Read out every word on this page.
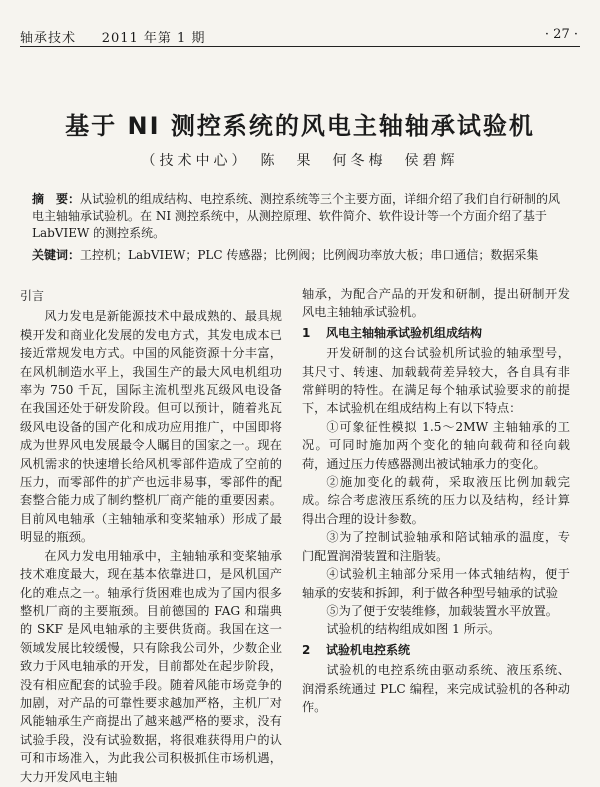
轴承技术 2011 年第 1 期	· 27 ·
基于 NI 测控系统的风电主轴轴承试验机
（技术中心）　陈　果　何冬梅　侯碧辉
摘　要：从试验机的组成结构、电控系统、测控系统等三个主要方面，详细介绍了我们自行研制的风电主轴轴承试验机。在 NI 测控系统中，从测控原理、软件简介、软件设计等一个方面介绍了基于 LabVIEW 的测控系统。
关键词：工控机；LabVIEW；PLC 传感器；比例阀；比例阀功率放大板；串口通信；数据采集
引言

风力发电是新能源技术中最成熟的、最具规模开发和商业化发展的发电方式，其发电成本已接近常规发电方式。中国的风能资源十分丰富，在风机制造水平上，我国生产的最大风电机组功率为 750 千瓦，国际主流机型兆瓦级风电设备在我国还处于研发阶段。但可以预计，随着兆瓦级风电设备的国产化和成功应用推广，中国即将成为世界风电发展最令人瞩目的国家之一。现在风机需求的快速增长给风机零部件造成了空前的压力，而零部件的扩产也远非易事，零部件的配套整合能力成了制约整机厂商产能的重要因素。目前风电轴承（主轴轴承和变桨轴承）形成了最明显的瓶颈。

在风力发电用轴承中，主轴轴承和变桨轴承技术难度最大，现在基本依靠进口，是风机国产化的难点之一。轴承行货困难也成为了国内很多整机厂商的主要瓶颈。目前德国的 FAG 和瑞典的 SKF 是风电轴承的主要供货商。我国在这一领域发展比较缓慢，只有除我公司外，少数企业致力于风电轴承的开发，目前都处在起步阶段，没有相应配套的试验手段。随着风能市场竞争的加剧，对产品的可靠性要求越加严格，主机厂对风能轴承生产商提出了越来越严格的要求，没有试验手段，没有试验数据，将很难获得用户的认可和市场准入，为此我公司积极抓住市场机遇，大力开发风电主轴

轴承，为配合产品的开发和研制，提出研制开发风电主轴轴承试验机。

1 风电主轴轴承试验机组成结构

开发研制的这台试验机所试验的轴承型号，其尺寸、转速、加载载荷差异较大，各自具有非常鲜明的特性。在满足每个轴承试验要求的前提下，本试验机在组成结构上有以下特点：

①可象征性模拟 1.5～2MW 主轴轴承的工况。可同时施加两个变化的轴向载荷和径向载荷，通过压力传感器测出被试轴承力的变化。

②施加变化的载荷，采取液压比例加载完成。综合考虑液压系统的压力以及结构，经计算得出合理的设计参数。

③为了控制试验轴承和陪试轴承的温度，专门配置润滑装置和注脂装。

④试验机主轴部分采用一体式轴结构，便于轴承的安装和拆卸，利于做各种型号轴承的试验

⑤为了便于安装维修，加载装置水平放置。

试验机的结构组成如图 1 所示。

2 试验机电控系统

试验机的电控系统由驱动系统、液压系统、润滑系统通过 PLC 编程，来完成试验机的各种动作。
